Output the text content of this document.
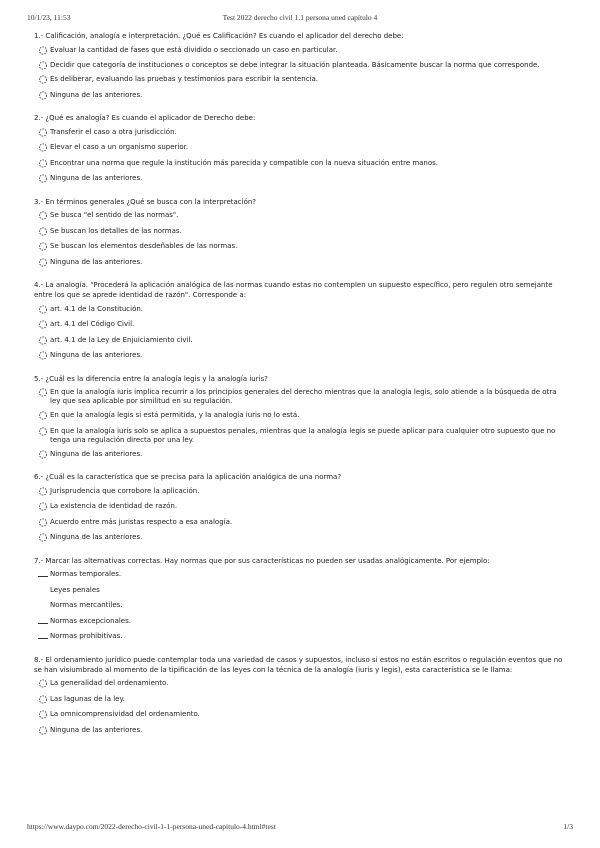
10/1/23, 11:53	Test 2022 derecho civil 1.1 persona uned capítulo 4
1.- Calificación, analogía e interpretación. ¿Qué es Calificación? Es cuando el aplicador del derecho debe:
Evaluar la cantidad de fases que está dividido o seccionado un caso en particular.
Decidir que categoría de instituciones o conceptos se debe integrar la situación planteada. Básicamente buscar la norma que corresponde.
Es deliberar, evaluando las pruebas y testimonios para escribir la sentencia.
Ninguna de las anteriores.
2.- ¿Qué es analogía? Es cuando el aplicador de Derecho debe:
Transferir el caso a otra jurisdicción.
Elevar el caso a un organismo superior.
Encontrar una norma que regule la institución más parecida y compatible con la nueva situación entre manos.
Ninguna de las anteriores.
3.- En términos generales ¿Qué se busca con la interpretación?
Se busca "el sentido de las normas".
Se buscan los detalles de las normas.
Se buscan los elementos desdeñables de las normas.
Ninguna de las anteriores.
4.- La analogía. "Procederá la aplicación analógica de las normas cuando estas no contemplen un supuesto específico, pero regulen otro semejante entre los que se aprede identidad de razón". Corresponde a:
art. 4.1 de la Constitución.
art. 4.1 del Código Civil.
art. 4.1 de la Ley de Enjuiciamiento civil.
Ninguna de las anteriores.
5.- ¿Cuál es la diferencia entre la analogía legis y la analogía iuris?
En que la analogía iuris implica recurrir a los principios generales del derecho mientras que la analogía legis, solo atiende a la búsqueda de otra ley que sea aplicable por similitud en su regulación.
En que la analogía legis si está permitida, y la analogía iuris no lo está.
En que la analogía iuris solo se aplica a supuestos penales, mientras que la analogía legis se puede aplicar para cualquier otro supuesto que no tenga una regulación directa por una ley.
Ninguna de las anteriores.
6.- ¿Cuál es la característica que se precisa para la aplicación analógica de una norma?
Jurisprudencia que corrobore la aplicación.
La existencia de identidad de razón.
Acuerdo entre más juristas respecto a esa analogía.
Ninguna de las anteriores.
7.- Marcar las alternativas correctas. Hay normas que por sus características no pueden ser usadas analógicamente. Por ejemplo:
Normas temporales.
Leyes penales
Normas mercantiles.
Normas excepcionales.
Normas prohibitivas.
8.- El ordenamiento jurídico puede contemplar toda una variedad de casos y supuestos, incluso si estos no están escritos o regulación eventos que no se han visiumbrado al momento de la tipificación de las leyes con la técnica de la analogía (iuris y legis), esta característica se le llama:
La generalidad del ordenamiento.
Las lagunas de la ley.
La omnicomprensividad del ordenamiento.
Ninguna de las anteriores.
https://www.daypo.com/2022-derecho-civil-1-1-persona-uned-capitulo-4.html#test	1/3
